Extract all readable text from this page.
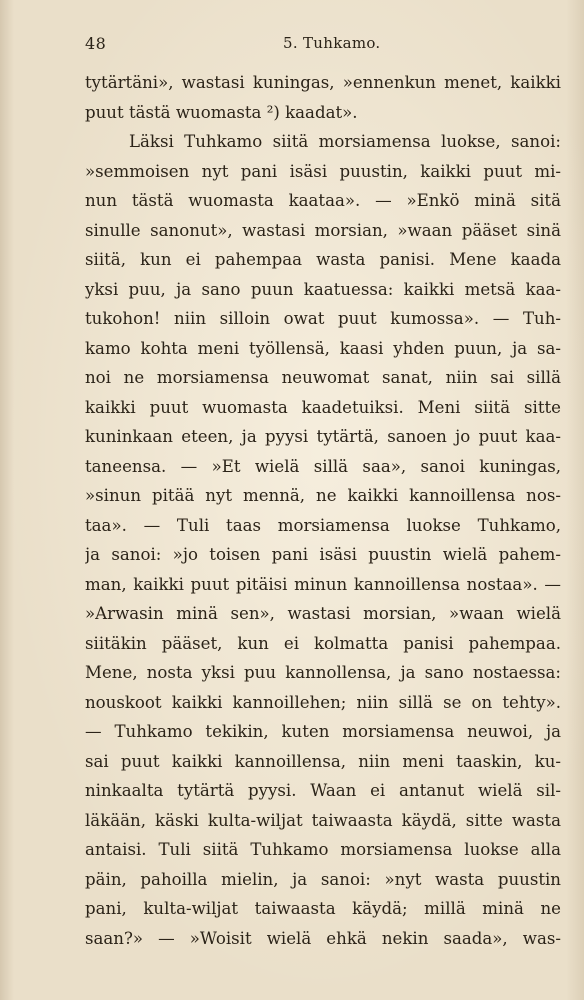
48	5. Tuhkamo.
tytärtäni», wastasi kuningas, »ennenkun menet, kaikki
puut tästä wuomasta ²) kaadat».
Läksi Tuhkamo siitä morsiamensa luokse, sanoi:
»semmoisen nyt pani isäsi puustin, kaikki puut mi-
nun tästä wuomasta kaataa». — »Enkö minä sitä
sinulle sanonut», wastasi morsian, »waan pääset sinä
siitä, kun ei pahempaa wasta panisi. Mene kaada
yksi puu, ja sano puun kaatuessa: kaikki metsä kaa-
tukohon! niin silloin owat puut kumossa». — Tuh-
kamo kohta meni työllensä, kaasi yhden puun, ja sa-
noi ne morsiamensa neuwomat sanat, niin sai sillä
kaikki puut wuomasta kaadetuiksi. Meni siitä sitte
kuninkaan eteen, ja pyysi tytärtä, sanoen jo puut kaa-
taneensa. — »Et wielä sillä saa», sanoi kuningas,
»sinun pitää nyt mennä, ne kaikki kannoillensa nos-
taa». — Tuli taas morsiamensa luokse Tuhkamo,
ja sanoi: »jo toisen pani isäsi puustin wielä pahem-
man, kaikki puut pitäisi minun kannoillensa nostaa». —
»Arwasin minä sen», wastasi morsian, »waan wielä
siitäkin pääset, kun ei kolmatta panisi pahempaa.
Mene, nosta yksi puu kannollensa, ja sano nostaessa:
nouskoot kaikki kannoillehen; niin sillä se on tehty».
— Tuhkamo tekikin, kuten morsiamensa neuwoi, ja
sai puut kaikki kannoillensa, niin meni taaskin, ku-
ninkaalta tytärtä pyysi. Waan ei antanut wielä sil-
läkään, käski kulta-wiljat taiwaasta käydä, sitte wasta
antaisi. Tuli siitä Tuhkamo morsiamensa luokse alla
päin, pahoilla mielin, ja sanoi: »nyt wasta puustin
pani, kulta-wiljat taiwaasta käydä; millä minä ne
saan?» — »Woisit wielä ehkä nekin saada», was-
